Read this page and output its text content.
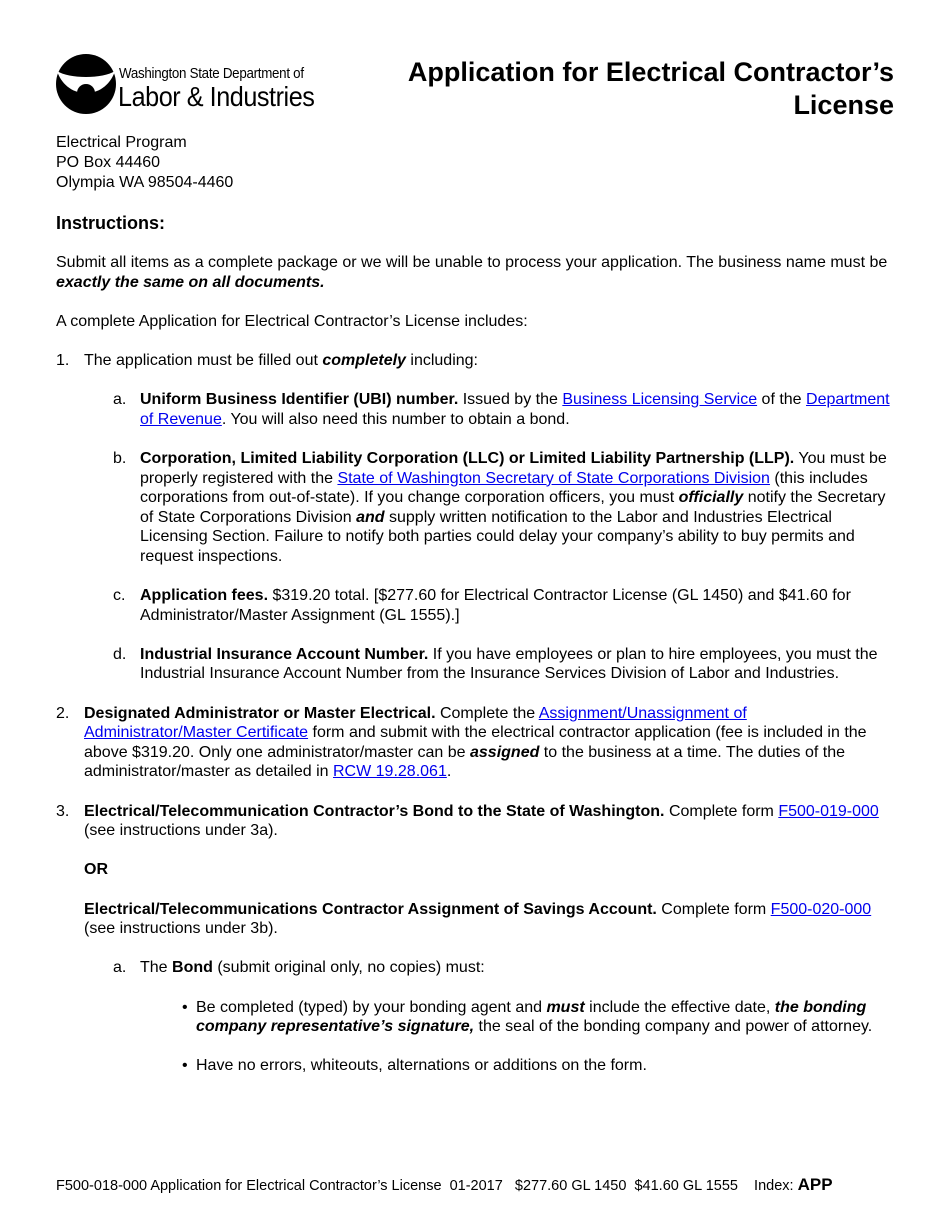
Washington State Department of
Labor & Industries
Application for Electrical Contractor’s License
Electrical Program
PO Box 44460
Olympia WA 98504-4460
Instructions:

Submit all items as a complete package or we will be unable to process your application. The business name must be exactly the same on all documents.

A complete Application for Electrical Contractor’s License includes:

1. The application must be filled out completely including:
a. Uniform Business Identifier (UBI) number. Issued by the Business Licensing Service of the Department of Revenue. You will also need this number to obtain a bond.
b. Corporation, Limited Liability Corporation (LLC) or Limited Liability Partnership (LLP). You must be properly registered with the State of Washington Secretary of State Corporations Division (this includes corporations from out-of-state). If you change corporation officers, you must officially notify the Secretary of State Corporations Division and supply written notification to the Labor and Industries Electrical Licensing Section. Failure to notify both parties could delay your company’s ability to buy permits and request inspections.
c. Application fees. $319.20 total. [$277.60 for Electrical Contractor License (GL 1450) and $41.60 for Administrator/Master Assignment (GL 1555).]
d. Industrial Insurance Account Number. If you have employees or plan to hire employees, you must the Industrial Insurance Account Number from the Insurance Services Division of Labor and Industries.
2. Designated Administrator or Master Electrical. Complete the Assignment/Unassignment of Administrator/Master Certificate form and submit with the electrical contractor application (fee is included in the above $319.20. Only one administrator/master can be assigned to the business at a time. The duties of the administrator/master as detailed in RCW 19.28.061.
3. Electrical/Telecommunication Contractor’s Bond to the State of Washington. Complete form F500-019-000 (see instructions under 3a).

OR

Electrical/Telecommunications Contractor Assignment of Savings Account. Complete form F500-020-000 (see instructions under 3b).

a. The Bond (submit original only, no copies) must:
• Be completed (typed) by your bonding agent and must include the effective date, the bonding company representative’s signature, the seal of the bonding company and power of attorney.
• Have no errors, whiteouts, alternations or additions on the form.
F500-018-000 Application for Electrical Contractor’s License  01-2017   $277.60 GL 1450  $41.60 GL 1555    Index: APP
